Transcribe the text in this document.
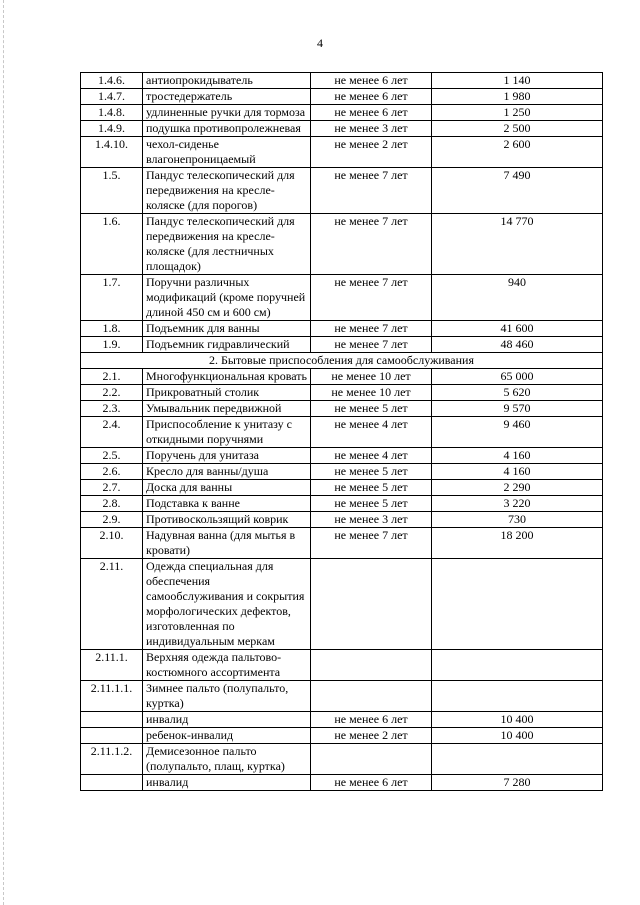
4
1.4.6.	антиопрокидыватель	не менее 6 лет	1 140
1.4.7.	тростедержатель	не менее 6 лет	1 980
1.4.8.	удлиненные ручки для тормоза	не менее 6 лет	1 250
1.4.9.	подушка противопролежневая	не менее 3 лет	2 500
1.4.10.	чехол-сиденье влагонепроницаемый	не менее 2 лет	2 600
1.5.	Пандус телескопический для передвижения на кресле-коляске (для порогов)	не менее 7 лет	7 490
1.6.	Пандус телескопический для передвижения на кресле-коляске (для лестничных площадок)	не менее 7 лет	14 770
1.7.	Поручни различных модификаций (кроме поручней длиной 450 см и 600 см)	не менее 7 лет	940
1.8.	Подъемник для ванны	не менее 7 лет	41 600
1.9.	Подъемник гидравлический	не менее 7 лет	48 460
2. Бытовые приспособления для самообслуживания			
2.1.	Многофункциональная кровать	не менее 10 лет	65 000
2.2.	Прикроватный столик	не менее 10 лет	5 620
2.3.	Умывальник передвижной	не менее 5 лет	9 570
2.4.	Приспособление к унитазу с откидными поручнями	не менее 4 лет	9 460
2.5.	Поручень для унитаза	не менее 4 лет	4 160
2.6.	Кресло для ванны/душа	не менее 5 лет	4 160
2.7.	Доска для ванны	не менее 5 лет	2 290
2.8.	Подставка к ванне	не менее 5 лет	3 220
2.9.	Противоскользящий коврик	не менее 3 лет	730
2.10.	Надувная ванна (для мытья в кровати)	не менее 7 лет	18 200
2.11.	Одежда специальная для обеспечения самообслуживания и сокрытия морфологических дефектов, изготовленная по индивидуальным меркам		
2.11.1.	Верхняя одежда пальтово-костюмного ассортимента		
2.11.1.1.	Зимнее пальто (полупальто, куртка)		
	инвалид	не менее 6 лет	10 400
	ребенок-инвалид	не менее 2 лет	10 400
2.11.1.2.	Демисезонное пальто (полупальто, плащ, куртка)		
	инвалид	не менее 6 лет	7 280
